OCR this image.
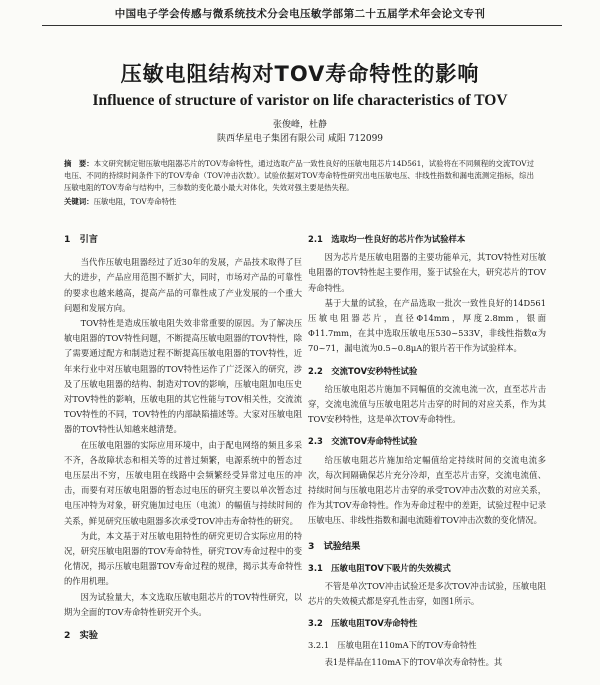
中国电子学会传感与微系统技术分会电压敏学部第二十五届学术年会论文专刊
压敏电阻结构对TOV寿命特性的影响
Influence of structure of varistor on life characteristics of TOV
张俊峰，杜静
陕西华星电子集团有限公司 咸阳 712099
摘　要：本文研究制定钳压敏电阻器芯片的TOV寿命特性，通过选取产品一致性良好的压敏电阻芯片14D561，试验将在不同频程的交流TOV过电压、不同的持续时间条件下的TOV寿命（TOV冲击次数）。试验依据对TOV寿命特性研究出电压敏电压、非线性指数和漏电流测定指标，综出压敏电阻的TOV寿命与结构中，三参数的变化最小最大对体化，失效对强主要是热失程。
关键词：压敏电阻，TOV寿命特性
1　引言

当代作压敏电阻器经过了近30年的发展，产品技术取得了巨大的进步，产品应用范围不断扩大，同时，市场对产品的可靠性的要求也越来越高，提高产品的可靠性成了产业发展的一个重大问题和发展方向。

TOV特性是造成压敏电阻失效非常重要的原因。为了解决压敏电阻器的TOV特性问题，不断提高压敏电阻器的TOV特性，除了需要通过配方和制造过程不断提高压敏电阻器的TOV特性，近年来行业中对压敏电阻器的TOV特性运作了广泛深入的研究，涉及了压敏电阻器的结构、制造对TOV的影响，压敏电阻加电压史对TOV特性的影响，压敏电阻的其它性能与TOV相关性，交流流TOV特性的不同，TOV特性的内部缺陷描述等。大家对压敏电阻器的TOV特性认知越来越清楚。

在压敏电阻器的实际应用环境中，由于配电网络的频且多采不齐，各故障状态和相关等的过普过频繁，电源系统中的暂态过电压层出不穷，压敏电阻在线路中会频繁经受异常过电压的冲击，而要有对压敏电阻器的暂态过电压的研究主要以单次暂态过电压冲特为对象，研究施加过电压（电流）的幅值与持续时间的关系，鲜见研究压敏电阻器多次承受TOV冲击寿命特性的研究。

为此，本文基于对压敏电阻特性的研究更切合实际应用的特况，研究压敏电阻器的TOV寿命特性，研究TOV寿命过程中的变化情况，揭示压敏电阻器TOV寿命过程的规律，揭示其寿命特性的作用机理。

因为试验量大，本文选取压敏电阻芯片的TOV特性研究，以期为全面的TOV寿命特性研究开个头。

2　实验
2.1　选取均一性良好的芯片作为试验样本

因为芯片是压敏电阻器的主要功能单元，其TOV特性对压敏电阻器的TOV特性起主要作用，鉴于试验在大，研究芯片的TOV寿命特性。

基于大量的试验，在产品选取一批次一致性良好的14D561压敏电阻器芯片，直径Φ14mm，厚度2.8mm，银面Φ11.7mm，在其中选取压敏电压530~533V，非线性指数α为70~71，漏电流为0.5~0.8μA的银片若干作为试验样本。

2.2　交流TOV安秒特性试验

给压敏电阻芯片施加不同幅值的交流电流一次，直至芯片击穿，交流电流值与压敏电阻芯片击穿的时间的对应关系，作为其TOV安秒特性，这是单次TOV寿命特性。

2.3　交流TOV寿命特性试验

给压敏电阻芯片施加给定幅值给定持续时间的交流电流多次，每次间隔确保芯片充分冷却，直至芯片击穿，交流电流值、持续时间与压敏电阻芯片击穿的承受TOV冲击次数的对应关系，作为其TOV寿命特性。作为寿命过程中的差距，试验过程中记录压敏电压、非线性指数和漏电流随着TOV冲击次数的变化情况。

3　试验结果
3.1　压敏电阻TOV下吸片的失效模式

不管是单次TOV冲击试验还是多次TOV冲击试验，压敏电阻芯片的失效模式都是穿孔性击穿，如图1所示。

3.2　压敏电阻TOV寿命特性
3.2.1　压敏电阻在110mA下的TOV寿命特性

表1是样品在110mA下的TOV单次寿命特性。其
